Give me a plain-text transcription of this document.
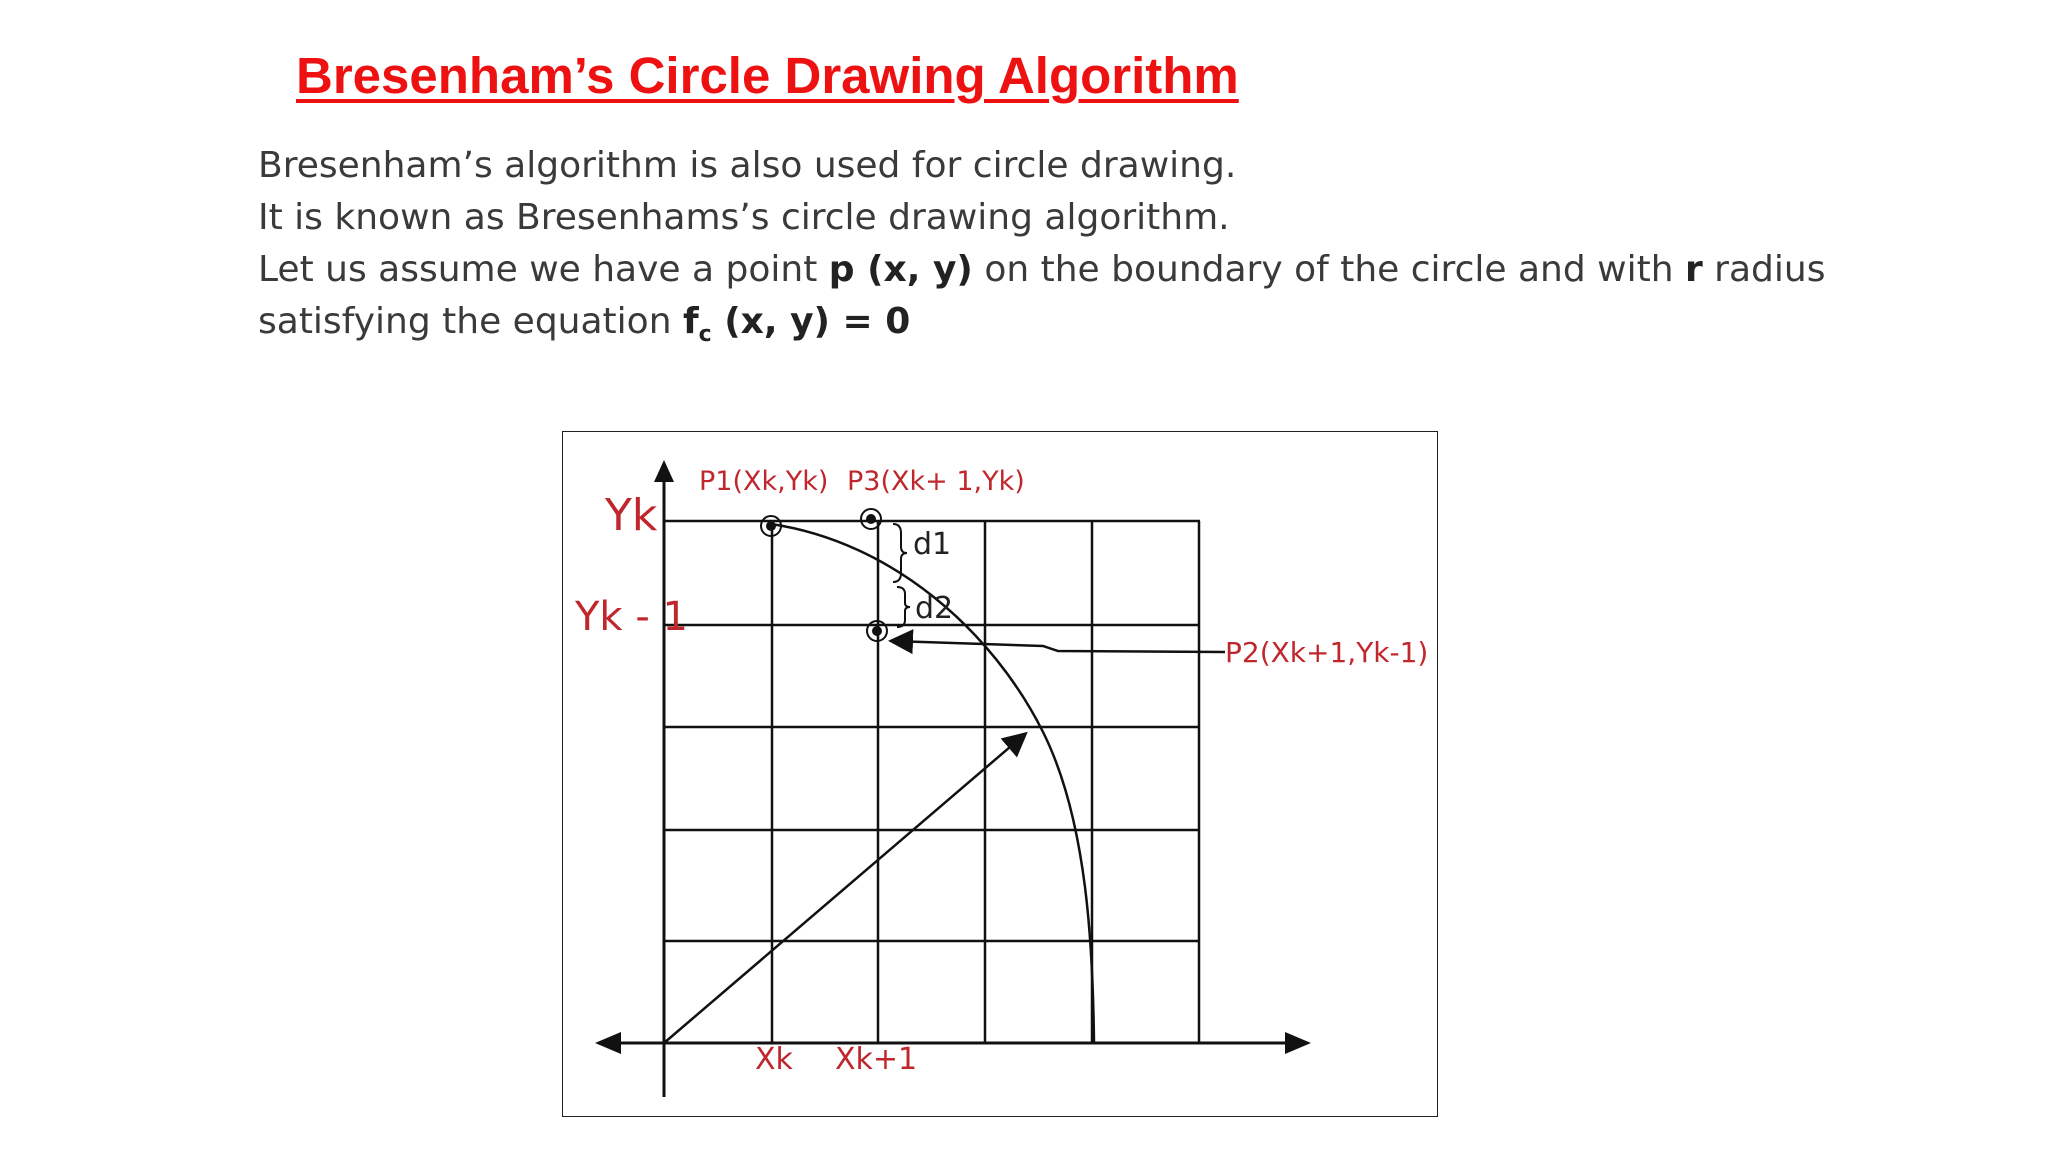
Bresenham’s Circle Drawing Algorithm
Bresenham’s algorithm is also used for circle drawing.
It is known as Bresenhams’s circle drawing algorithm.
Let us assume we have a point p (x, y) on the boundary of the circle and with r radius
satisfying the equation $f_c$ (x, y) = 0
Yk
Yk - 1
P1(Xk,Yk) P3(Xk+ 1,Yk)
P2(Xk+1,Yk-1)
d1
d2
Xk Xk+1
